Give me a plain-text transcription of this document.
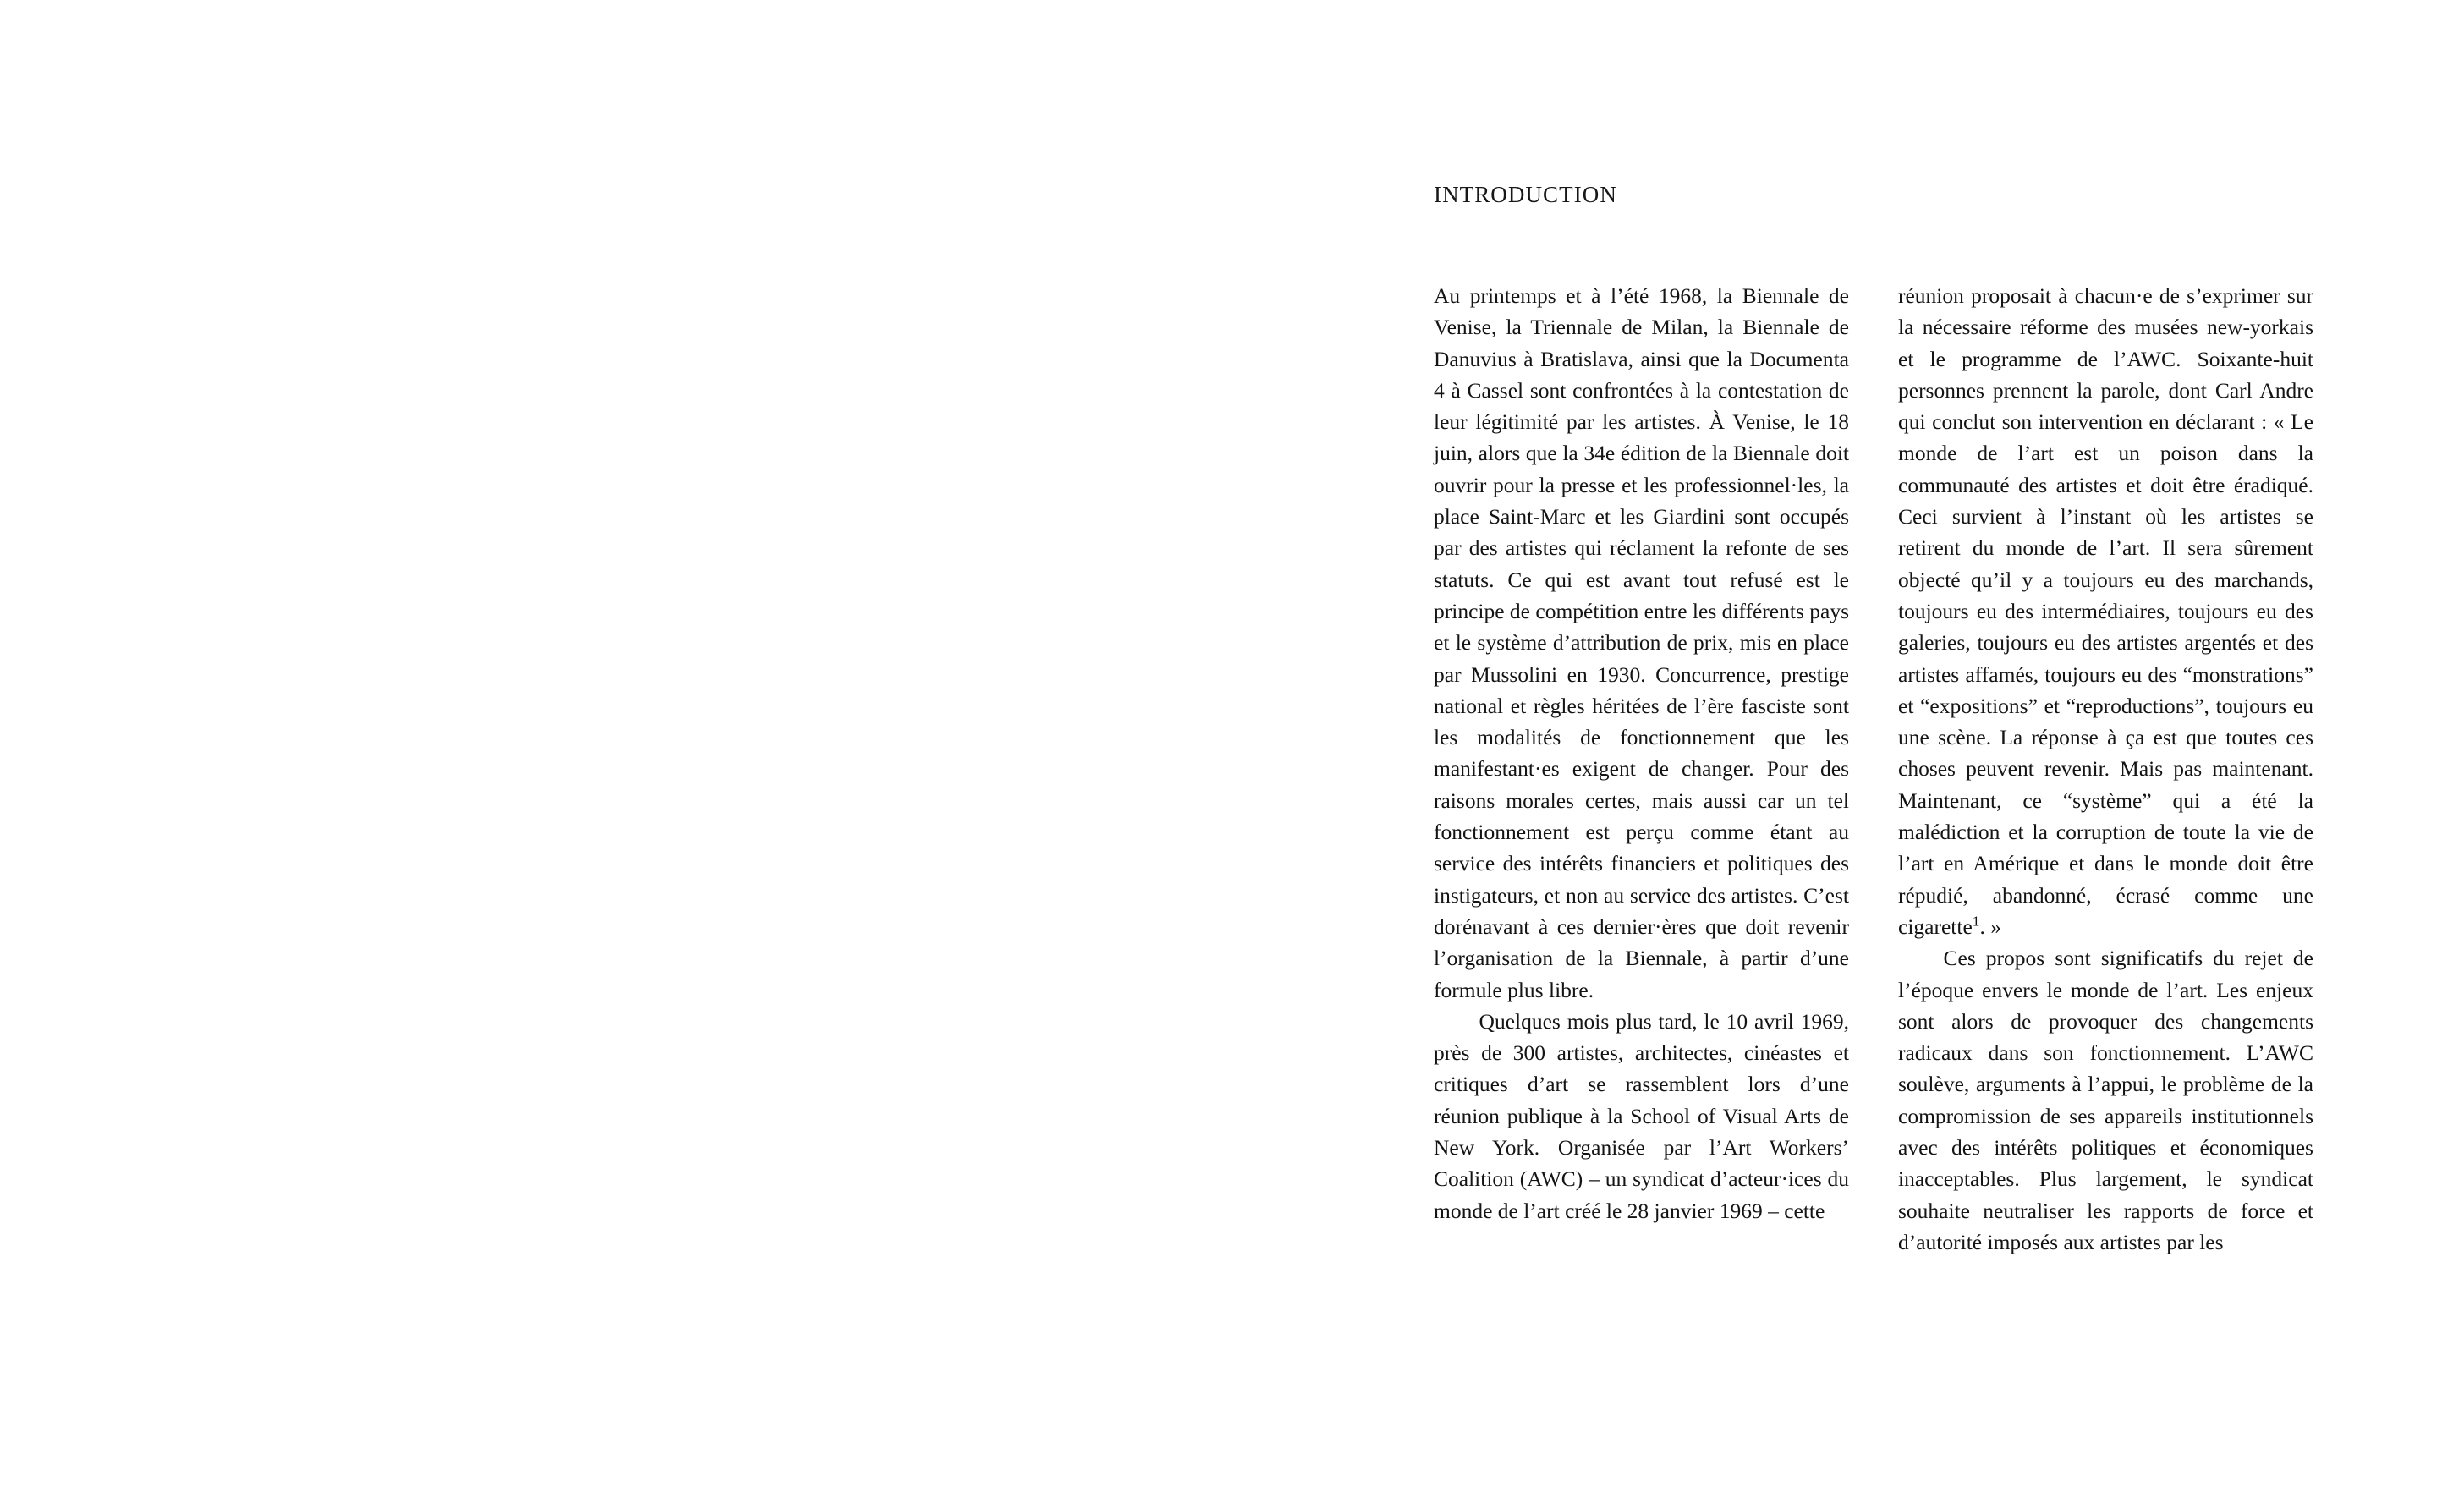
INTRODUCTION

Au printemps et à l’été 1968, la Biennale de Venise, la Triennale de Milan, la Biennale de Danuvius à Bratislava, ainsi que la Documenta 4 à Cassel sont confrontées à la contestation de leur légitimité par les artistes. À Venise, le 18 juin, alors que la 34e édition de la Biennale doit ouvrir pour la presse et les professionnel·les, la place Saint-Marc et les Giardini sont occupés par des artistes qui réclament la refonte de ses statuts. Ce qui est avant tout refusé est le principe de compétition entre les différents pays et le système d’attribution de prix, mis en place par Mussolini en 1930. Concurrence, prestige national et règles héritées de l’ère fasciste sont les modalités de fonctionnement que les manifestant·es exigent de changer. Pour des raisons morales certes, mais aussi car un tel fonctionnement est perçu comme étant au service des intérêts financiers et politiques des instigateurs, et non au service des artistes. C’est dorénavant à ces dernier·ères que doit revenir l’organisation de la Biennale, à partir d’une formule plus libre.

Quelques mois plus tard, le 10 avril 1969, près de 300 artistes, architectes, cinéastes et critiques d’art se rassemblent lors d’une réunion publique à la School of Visual Arts de New York. Organisée par l’Art Workers’ Coalition (AWC) – un syndicat d’acteur·ices du monde de l’art créé le 28 janvier 1969 – cette

réunion proposait à chacun·e de s’exprimer sur la nécessaire réforme des musées new-yorkais et le programme de l’AWC. Soixante-huit personnes prennent la parole, dont Carl Andre qui conclut son intervention en déclarant : « Le monde de l’art est un poison dans la communauté des artistes et doit être éradiqué. Ceci survient à l’instant où les artistes se retirent du monde de l’art. Il sera sûrement objecté qu’il y a toujours eu des marchands, toujours eu des intermédiaires, toujours eu des galeries, toujours eu des artistes argentés et des artistes affamés, toujours eu des “monstrations” et “expositions” et “reproductions”, toujours eu une scène. La réponse à ça est que toutes ces choses peuvent revenir. Mais pas maintenant. Maintenant, ce “système” qui a été la malédiction et la corruption de toute la vie de l’art en Amérique et dans le monde doit être répudié, abandonné, écrasé comme une cigarette$^1$. »

Ces propos sont significatifs du rejet de l’époque envers le monde de l’art. Les enjeux sont alors de provoquer des changements radicaux dans son fonctionnement. L’AWC soulève, arguments à l’appui, le problème de la compromission de ses appareils institutionnels avec des intérêts politiques et économiques inacceptables. Plus largement, le syndicat souhaite neutraliser les rapports de force et d’autorité imposés aux artistes par les
